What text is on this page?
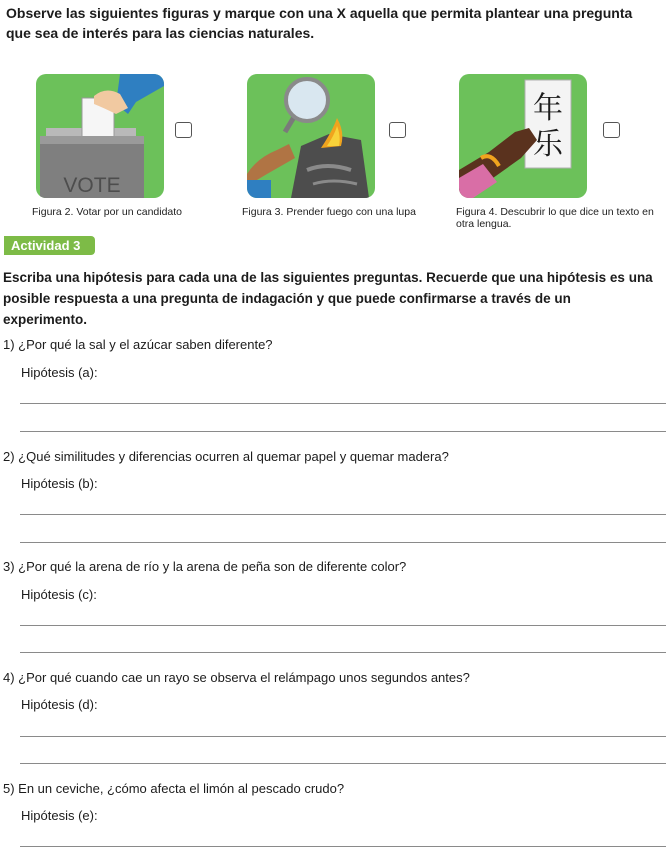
Observe las siguientes figuras y marque con una X aquella que permita plantear una pregunta que sea de interés para las ciencias naturales.
VOTE
Figura 2. Votar por un candidato	Figura 3. Prender fuego con una lupa
年
乐
Figura 4. Descubrir lo que dice un texto en otra lengua.
Actividad 3
Escriba una hipótesis para cada una de las siguientes preguntas. Recuerde que una hipótesis es una posible respuesta a una pregunta de indagación y que puede confirmarse a través de un experimento.
1) ¿Por qué la sal y el azúcar saben diferente?
Hipótesis (a):
2) ¿Qué similitudes y diferencias ocurren al quemar papel y quemar madera?
Hipótesis (b):
3) ¿Por qué la arena de río y la arena de peña son de diferente color?
Hipótesis (c):
4) ¿Por qué cuando cae un rayo se observa el relámpago unos segundos antes?
Hipótesis (d):
5) En un ceviche, ¿cómo afecta el limón al pescado crudo?
Hipótesis (e):
